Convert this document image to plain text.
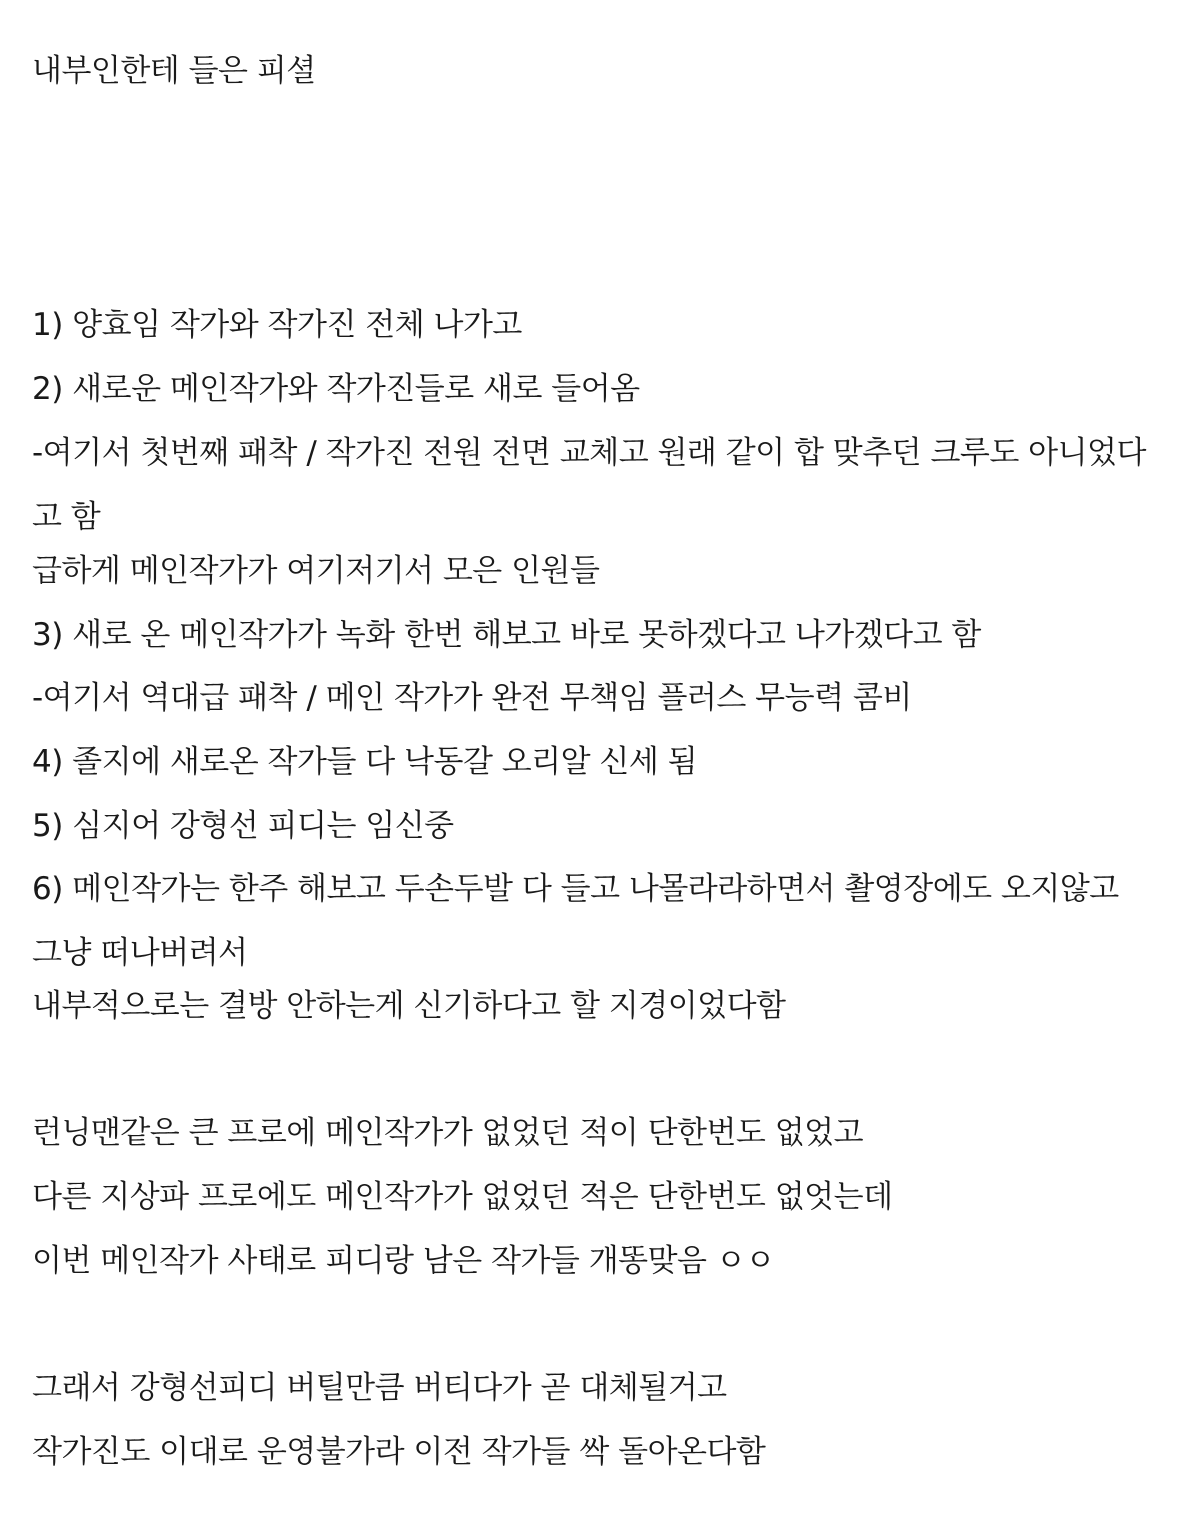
내부인한테 들은 피셜
1) 양효임 작가와 작가진 전체 나가고
2) 새로운 메인작가와 작가진들로 새로 들어옴
-여기서 첫번째 패착 / 작가진 전원 전면 교체고 원래 같이 합 맞추던 크루도 아니었다고 함
급하게 메인작가가 여기저기서 모은 인원들
3) 새로 온 메인작가가 녹화 한번 해보고 바로 못하겠다고 나가겠다고 함
-여기서 역대급 패착 / 메인 작가가 완전 무책임 플러스 무능력 콤비
4) 졸지에 새로온 작가들 다 낙동갈 오리알 신세 됨
5) 심지어 강형선 피디는 임신중
6) 메인작가는 한주 해보고 두손두발 다 들고 나몰라라하면서 촬영장에도 오지않고 그냥 떠나버려서
내부적으로는 결방 안하는게 신기하다고 할 지경이었다함
런닝맨같은 큰 프로에 메인작가가 없었던 적이 단한번도 없었고
다른 지상파 프로에도 메인작가가 없었던 적은 단한번도 없엇는데
이번 메인작가 사태로 피디랑 남은 작가들 개똥맞음 ㅇㅇ
그래서 강형선피디 버틸만큼 버티다가 곧 대체될거고
작가진도 이대로 운영불가라 이전 작가들 싹 돌아온다함
